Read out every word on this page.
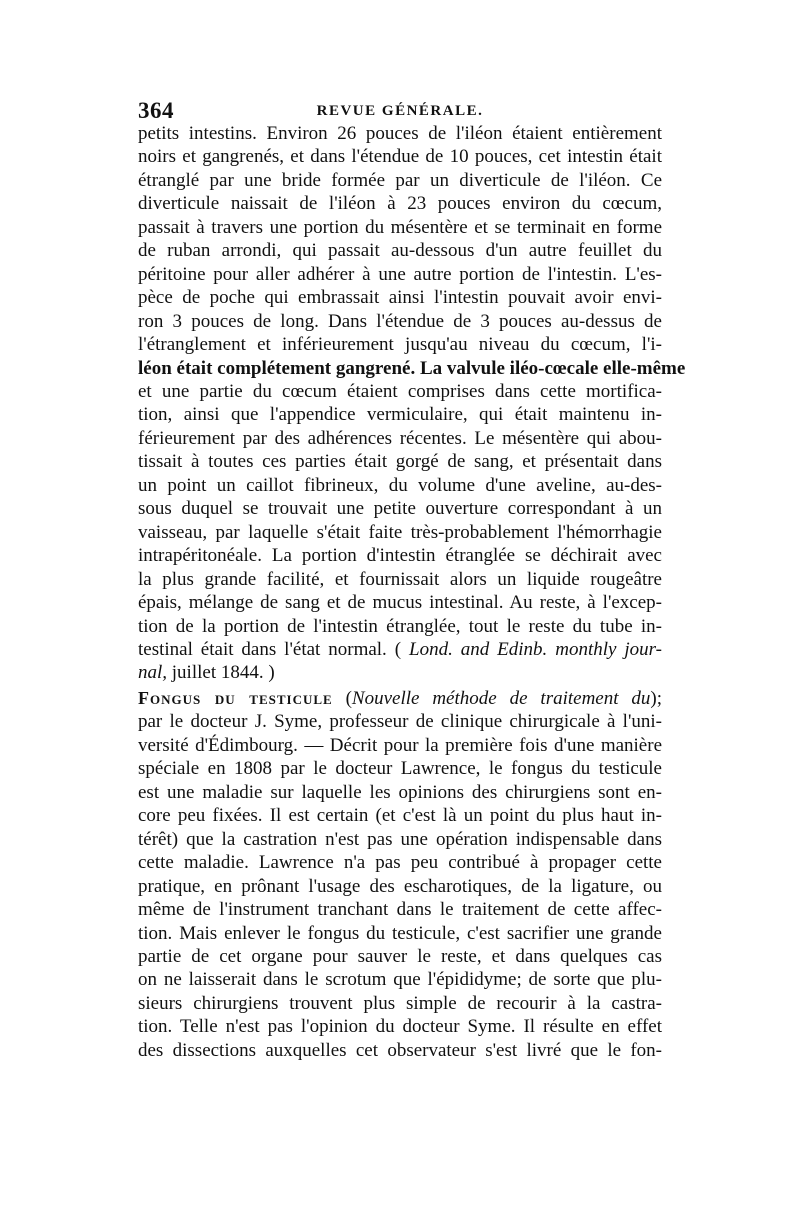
364	REVUE GÉNÉRALE.
petits intestins. Environ 26 pouces de l'iléon étaient entièrement
noirs et gangrenés, et dans l'étendue de 10 pouces, cet intestin était
étranglé par une bride formée par un diverticule de l'iléon. Ce
diverticule naissait de l'iléon à 23 pouces environ du cœcum,
passait à travers une portion du mésentère et se terminait en forme
de ruban arrondi, qui passait au-dessous d'un autre feuillet du
péritoine pour aller adhérer à une autre portion de l'intestin. L'es-
pèce de poche qui embrassait ainsi l'intestin pouvait avoir envi-
ron 3 pouces de long. Dans l'étendue de 3 pouces au-dessus de
l'étranglement et inférieurement jusqu'au niveau du cœcum, l'i-
léon était complétement gangrené. La valvule iléo-cœcale elle-même
et une partie du cœcum étaient comprises dans cette mortifica-
tion, ainsi que l'appendice vermiculaire, qui était maintenu in-
férieurement par des adhérences récentes. Le mésentère qui abou-
tissait à toutes ces parties était gorgé de sang, et présentait dans
un point un caillot fibrineux, du volume d'une aveline, au-des-
sous duquel se trouvait une petite ouverture correspondant à un
vaisseau, par laquelle s'était faite très-probablement l'hémorrhagie
intrapéritonéale. La portion d'intestin étranglée se déchirait avec
la plus grande facilité, et fournissait alors un liquide rougeâtre
épais, mélange de sang et de mucus intestinal. Au reste, à l'excep-
tion de la portion de l'intestin étranglée, tout le reste du tube in-
testinal était dans l'état normal. ( Lond. and Edinb. monthly jour-
nal, juillet 1844. )
Fongus du testicule (Nouvelle méthode de traitement du);
par le docteur J. Syme, professeur de clinique chirurgicale à l'uni-
versité d'Édimbourg. — Décrit pour la première fois d'une manière
spéciale en 1808 par le docteur Lawrence, le fongus du testicule
est une maladie sur laquelle les opinions des chirurgiens sont en-
core peu fixées. Il est certain (et c'est là un point du plus haut in-
térêt) que la castration n'est pas une opération indispensable dans
cette maladie. Lawrence n'a pas peu contribué à propager cette
pratique, en prônant l'usage des escharotiques, de la ligature, ou
même de l'instrument tranchant dans le traitement de cette affec-
tion. Mais enlever le fongus du testicule, c'est sacrifier une grande
partie de cet organe pour sauver le reste, et dans quelques cas
on ne laisserait dans le scrotum que l'épididyme; de sorte que plu-
sieurs chirurgiens trouvent plus simple de recourir à la castra-
tion. Telle n'est pas l'opinion du docteur Syme. Il résulte en effet
des dissections auxquelles cet observateur s'est livré que le fon-
